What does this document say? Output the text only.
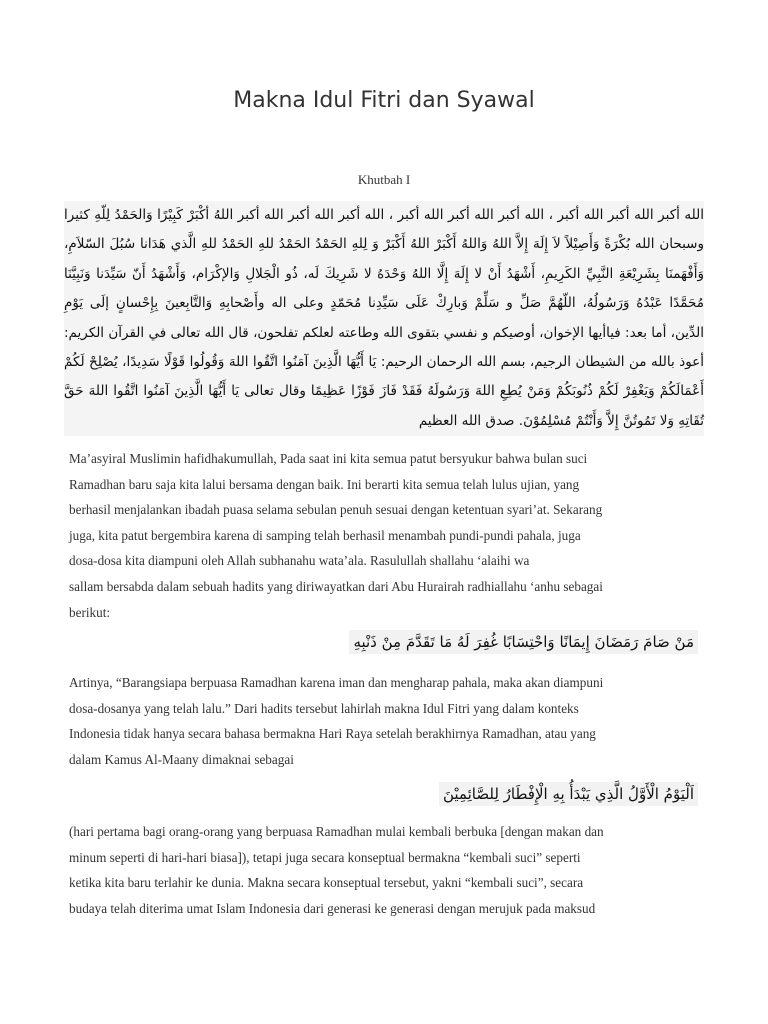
Makna Idul Fitri dan Syawal
Khutbah I
الله أكبر الله أكبر الله أكبر ، الله أكبر الله أكبر الله أكبر ، الله أكبر الله أكبر الله أكبر اللهُ أكْبَرْ كَبِيْرًا وَالحَمْدُ لِلّهِ كثيرا
وسبحان الله بُكْرَةً وَأَصِيْلاً لاَ إِلَهَ إِلاَّ اللهُ وَاللهُ أَكْبَرْ اللهُ أَكْبَرْ وَ لِلهِ الحَمْدُ الحَمْدُ للهِ الحَمْدُ للهِ الَّذي هَدَانا سُبُلَ السّلاَمِ،
وَأَفْهَمنَا بِشَرِيْعَةِ النَّبِيِّ الكَرِيمِ، أَشْهَدُ أَنْ لا إِلَهَ إِلَّا اللهُ وَحْدَهُ لا شَرِيكَ لَه، ذُو الْجَلالِ وَالإكْرَام، وَأَشْهَدُ أَنّ سَيِّدَنا وَنَبِيَّنَا
مُحَمَّدًا عَبْدُهُ وَرَسُولُهُ، اللّهُمَّ صَلِّ و سَلِّمْ وَبارِكْ عَلَى سَيِّدِنا مُحَمّدٍ وعلى اله وأَصْحابِهِ وَالتَّابِعينَ بِإِحْسانٍ إلَى يَوْمِ
الدِّين، أما بعد: فياأيها الإخوان، أوصيكم و نفسي بتقوى الله وطاعته لعلكم تفلحون، قال الله تعالى في القرآن الكريم:
أعوذ بالله من الشيطان الرجيم، بسم الله الرحمان الرحيم: يَا أَيُّهَا الَّذِينَ آمَنُوا اتَّقُوا اللهَ وَقُولُوا قَوْلًا سَدِيدًا، يُصْلِحْ لَكُمْ
أَعْمَالَكُمْ وَيَغْفِرْ لَكُمْ ذُنُوبَكُمْ وَمَنْ يُطِعِ اللهَ وَرَسُولَهُ فَقَدْ فَازَ فَوْزًا عَظِيمًا وقال تعالى يَا أَيُّهَا الَّذِينَ آمَنُوا اتَّقُوا اللهَ حَقَّ
تُقَاتِهِ وَلا تَمُوتُنَّ إِلاَّ وَأَنْتُمْ مُسْلِمُوْنَ. صدق الله العظيم
Ma’asyiral Muslimin hafidhakumullah, Pada saat ini kita semua patut bersyukur bahwa bulan suci
Ramadhan baru saja kita lalui bersama dengan baik. Ini berarti kita semua telah lulus ujian, yang
berhasil menjalankan ibadah puasa selama sebulan penuh sesuai dengan ketentuan syari’at. Sekarang
juga, kita patut bergembira karena di samping telah berhasil menambah pundi-pundi pahala, juga
dosa-dosa kita diampuni oleh Allah subhanahu wata’ala. Rasulullah shallahu ‘alaihi wa
sallam bersabda dalam sebuah hadits yang diriwayatkan dari Abu Hurairah radhiallahu ‘anhu sebagai
berikut:
مَنْ صَامَ رَمَضَانَ إِيمَانًا وَاحْتِسَابًا غُفِرَ لَهُ مَا تَقَدَّمَ مِنْ ذَنْبِهِ
Artinya, “Barangsiapa berpuasa Ramadhan karena iman dan mengharap pahala, maka akan diampuni
dosa-dosanya yang telah lalu.” Dari hadits tersebut lahirlah makna Idul Fitri yang dalam konteks
Indonesia tidak hanya secara bahasa bermakna Hari Raya setelah berakhirnya Ramadhan, atau yang
dalam Kamus Al-Maany dimaknai sebagai
اَلْيَوْمُ الْأَوَّلُ الَّذِي يَبْدَأُ بِهِ الْإِفْطَارُ لِلصَّائِمِيْنَ
(hari pertama bagi orang-orang yang berpuasa Ramadhan mulai kembali berbuka [dengan makan dan
minum seperti di hari-hari biasa]), tetapi juga secara konseptual bermakna “kembali suci” seperti
ketika kita baru terlahir ke dunia. Makna secara konseptual tersebut, yakni “kembali suci”, secara
budaya telah diterima umat Islam Indonesia dari generasi ke generasi dengan merujuk pada maksud
